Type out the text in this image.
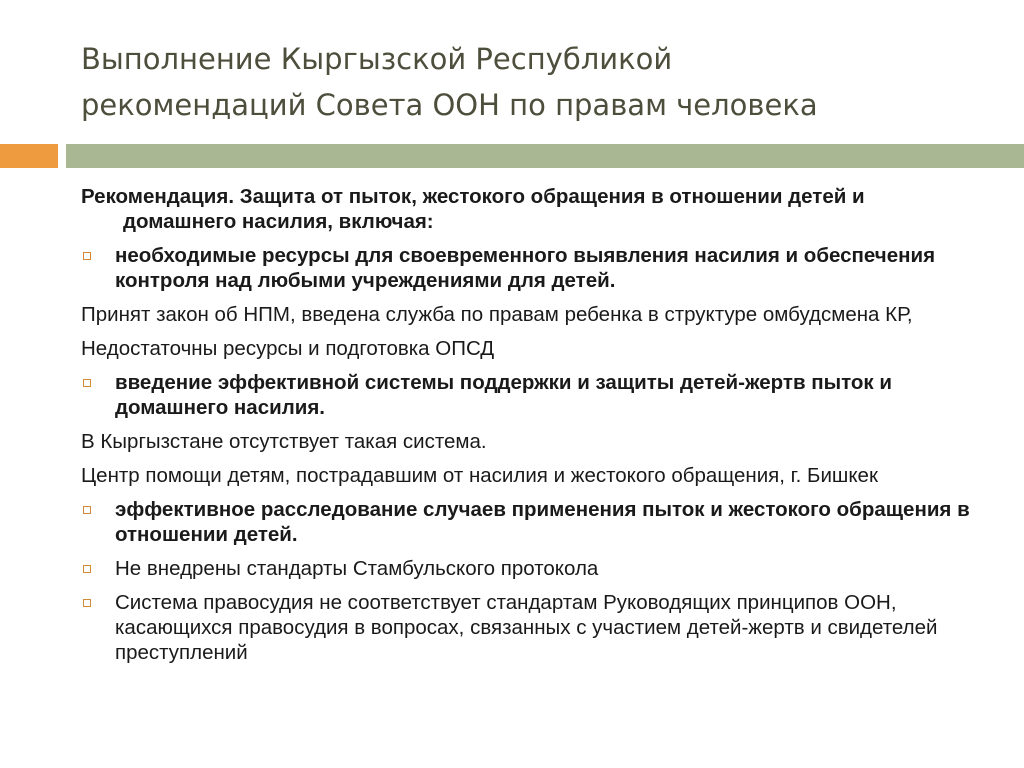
Выполнение Кыргызской Республикой
рекомендаций Совета ООН по правам человека

Рекомендация. Защита от пыток, жестокого обращения в отношении детей и домашнего насилия, включая:

необходимые ресурсы для своевременного выявления насилия и обеспечения контроля над любыми учреждениями для детей.

Принят закон об НПМ, введена служба по правам ребенка в структуре омбудсмена КР,

Недостаточны ресурсы и подготовка ОПСД

введение эффективной системы поддержки и защиты детей-жертв пыток и домашнего насилия.

В Кыргызстане отсутствует такая система.

Центр помощи детям, пострадавшим от насилия и жестокого обращения, г. Бишкек

эффективное расследование случаев применения пыток и жестокого обращения в отношении детей.
Не внедрены стандарты Стамбульского протокола
Система правосудия не соответствует стандартам Руководящих принципов ООН, касающихся правосудия в вопросах, связанных с участием детей-жертв и свидетелей преступлений
